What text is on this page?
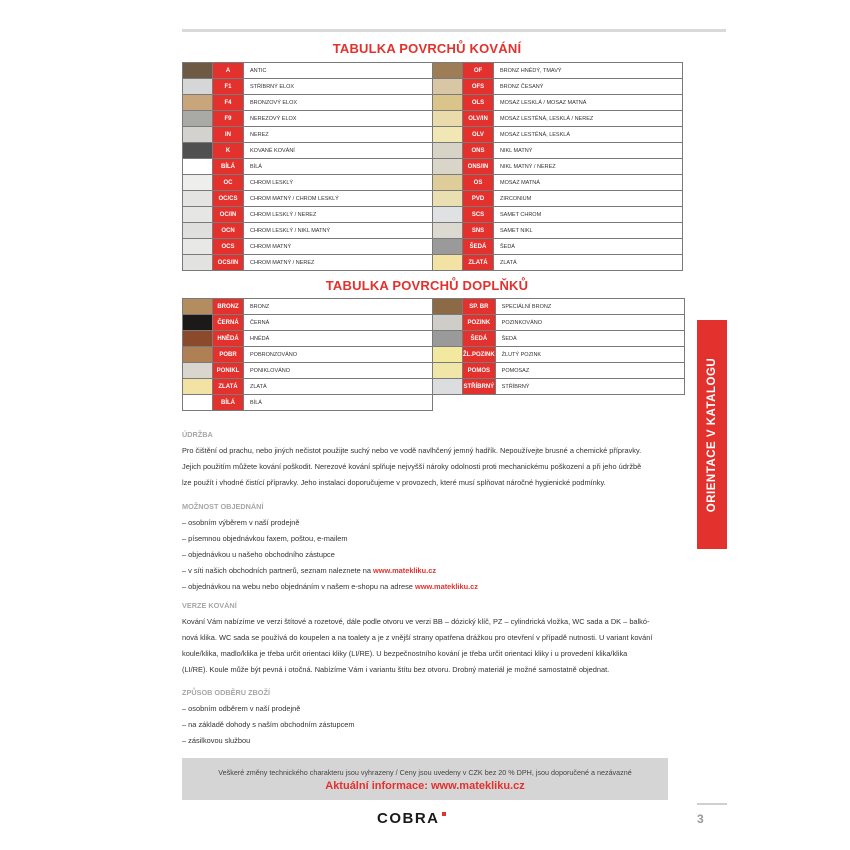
TABULKA POVRCHŮ KOVÁNÍ
	A	ANTIC		OF	BRONZ HNĚDÝ, TMAVÝ
	F1	STŘÍBRNÝ ELOX		OFS	BRONZ ČESANÝ
	F4	BRONZOVÝ ELOX		OLS	MOSAZ LESKLÁ / MOSAZ MATNÁ
	F9	NEREZOVÝ ELOX		OLV/IN	MOSAZ LESTĚNÁ, LESKLÁ / NEREZ
	IN	NEREZ		OLV	MOSAZ LESTĚNÁ, LESKLÁ
	K	KOVANÉ KOVÁNÍ		ONS	NIKL MATNÝ
	BÍLÁ	BÍLÁ		ONS/IN	NIKL MATNÝ / NEREZ
	OC	CHROM LESKLÝ		OS	MOSAZ MATNÁ
	OC/CS	CHROM MATNÝ / CHROM LESKLÝ		PVD	ZIRCONIUM
	OC/IN	CHROM LESKLÝ / NEREZ		SCS	SAMET CHROM
	OCN	CHROM LESKLÝ / NIKL MATNÝ		SNS	SAMET NIKL
	OCS	CHROM MATNÝ		ŠEDÁ	ŠEDÁ
	OCS/IN	CHROM MATNÝ / NEREZ		ZLATÁ	ZLATÁ
TABULKA POVRCHŮ DOPLŇKŮ
	BRONZ	BRONZ		SP. BR	SPECIÁLNÍ BRONZ
	ČERNÁ	ČERNÁ		POZINK	POZINKOVÁNO
	HNĚDÁ	HNĚDÁ		ŠEDÁ	ŠEDÁ
	POBR	POBRONZOVÁNO		ŽL.POZINK	ŽLUTÝ POZINK
	PONIKL	PONIKLOVÁNO		POMOS	POMOSAZ
	ZLATÁ	ZLATÁ		STŘÍBRNÝ	STŘÍBRNÝ
	BÍLÁ	BÍLÁ			
ÚDRŽBA
Pro čištění od prachu, nebo jiných nečistot použijte suchý nebo ve vodě navlhčený jemný hadřík. Nepoužívejte brusné a chemické přípravky.
Jejich použitím můžete kování poškodit. Nerezové kování splňuje nejvyšší nároky odolnosti proti mechanickému poškození a při jeho údržbě
lze použít i vhodné čistící přípravky. Jeho instalaci doporučujeme v provozech, které musí splňovat náročné hygienické podmínky.
MOŽNOST OBJEDNÁNÍ
– osobním výběrem v naší prodejně
– písemnou objednávkou faxem, poštou, e-mailem
– objednávkou u našeho obchodního zástupce
– v síti našich obchodních partnerů, seznam naleznete na www.matekliku.cz
– objednávkou na webu nebo objednáním v našem e-shopu na adrese www.matekliku.cz
VERZE KOVÁNÍ
Kování Vám nabízíme ve verzi štítové a rozetové, dále podle otvoru ve verzi BB – dózický klíč, PZ – cylindrická vložka, WC sada a DK – balkó-
nová klika. WC sada se používá do koupelen a na toalety a je z vnější strany opatřena drážkou pro otevření v případě nutnosti. U variant kování
koule/klika, madlo/klika je třeba určit orientaci kliky (LI/RE). U bezpečnostního kování je třeba určit orientaci kliky i u provedení klika/klika
(LI/RE). Koule může být pevná i otočná. Nabízíme Vám i variantu štítu bez otvoru. Drobný materiál je možné samostatně objednat.
ZPŮSOB ODBĚRU ZBOŽÍ
– osobním odběrem v naší prodejně
– na základě dohody s naším obchodním zástupcem
– zásilkovou službou
Veškeré změny technického charakteru jsou vyhrazeny / Ceny jsou uvedeny v CZK bez 20 % DPH, jsou doporučené a nezávazné
Aktuální informace: www.matekliku.cz
ORIENTACE V KATALOGU
COBRA	3
